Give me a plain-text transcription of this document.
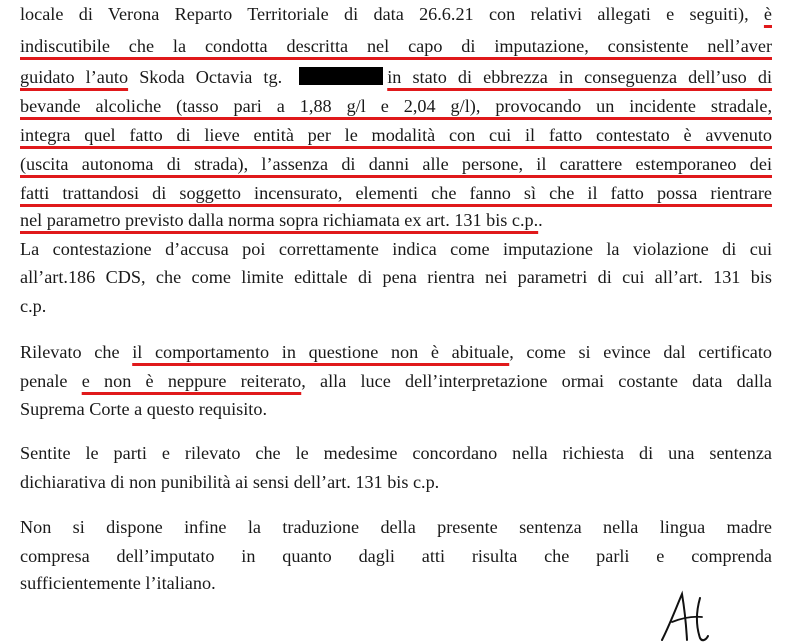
locale di Verona Reparto Territoriale di data 26.6.21 con relativi allegati e seguiti), è
indiscutibile che la condotta descritta nel capo di imputazione, consistente nell’aver
guidato l’auto Skoda Octavia tg.	in stato di ebbrezza in conseguenza dell’uso di
bevande alcoliche (tasso pari a 1,88 g/l e 2,04 g/l), provocando un incidente stradale,
integra quel fatto di lieve entità per le modalità con cui il fatto contestato è avvenuto
(uscita autonoma di strada), l’assenza di danni alle persone, il carattere estemporaneo dei
fatti trattandosi di soggetto incensurato, elementi che fanno sì che il fatto possa rientrare
nel parametro previsto dalla norma sopra richiamata ex art. 131 bis c.p..
La contestazione d’accusa poi correttamente indica come imputazione la violazione di cui
all’art.186 CDS, che come limite edittale di pena rientra nei parametri di cui all’art. 131 bis
c.p.
Rilevato che il comportamento in questione non è abituale, come si evince dal certificato
penale e non è neppure reiterato, alla luce dell’interpretazione ormai costante data dalla
Suprema Corte a questo requisito.
Sentite le parti e rilevato che le medesime concordano nella richiesta di una sentenza
dichiarativa di non punibilità ai sensi dell’art. 131 bis c.p.
Non si dispone infine la traduzione della presente sentenza nella lingua madre
compresa dell’imputato in quanto dagli atti risulta che parli e comprenda
sufficientemente l’italiano.
